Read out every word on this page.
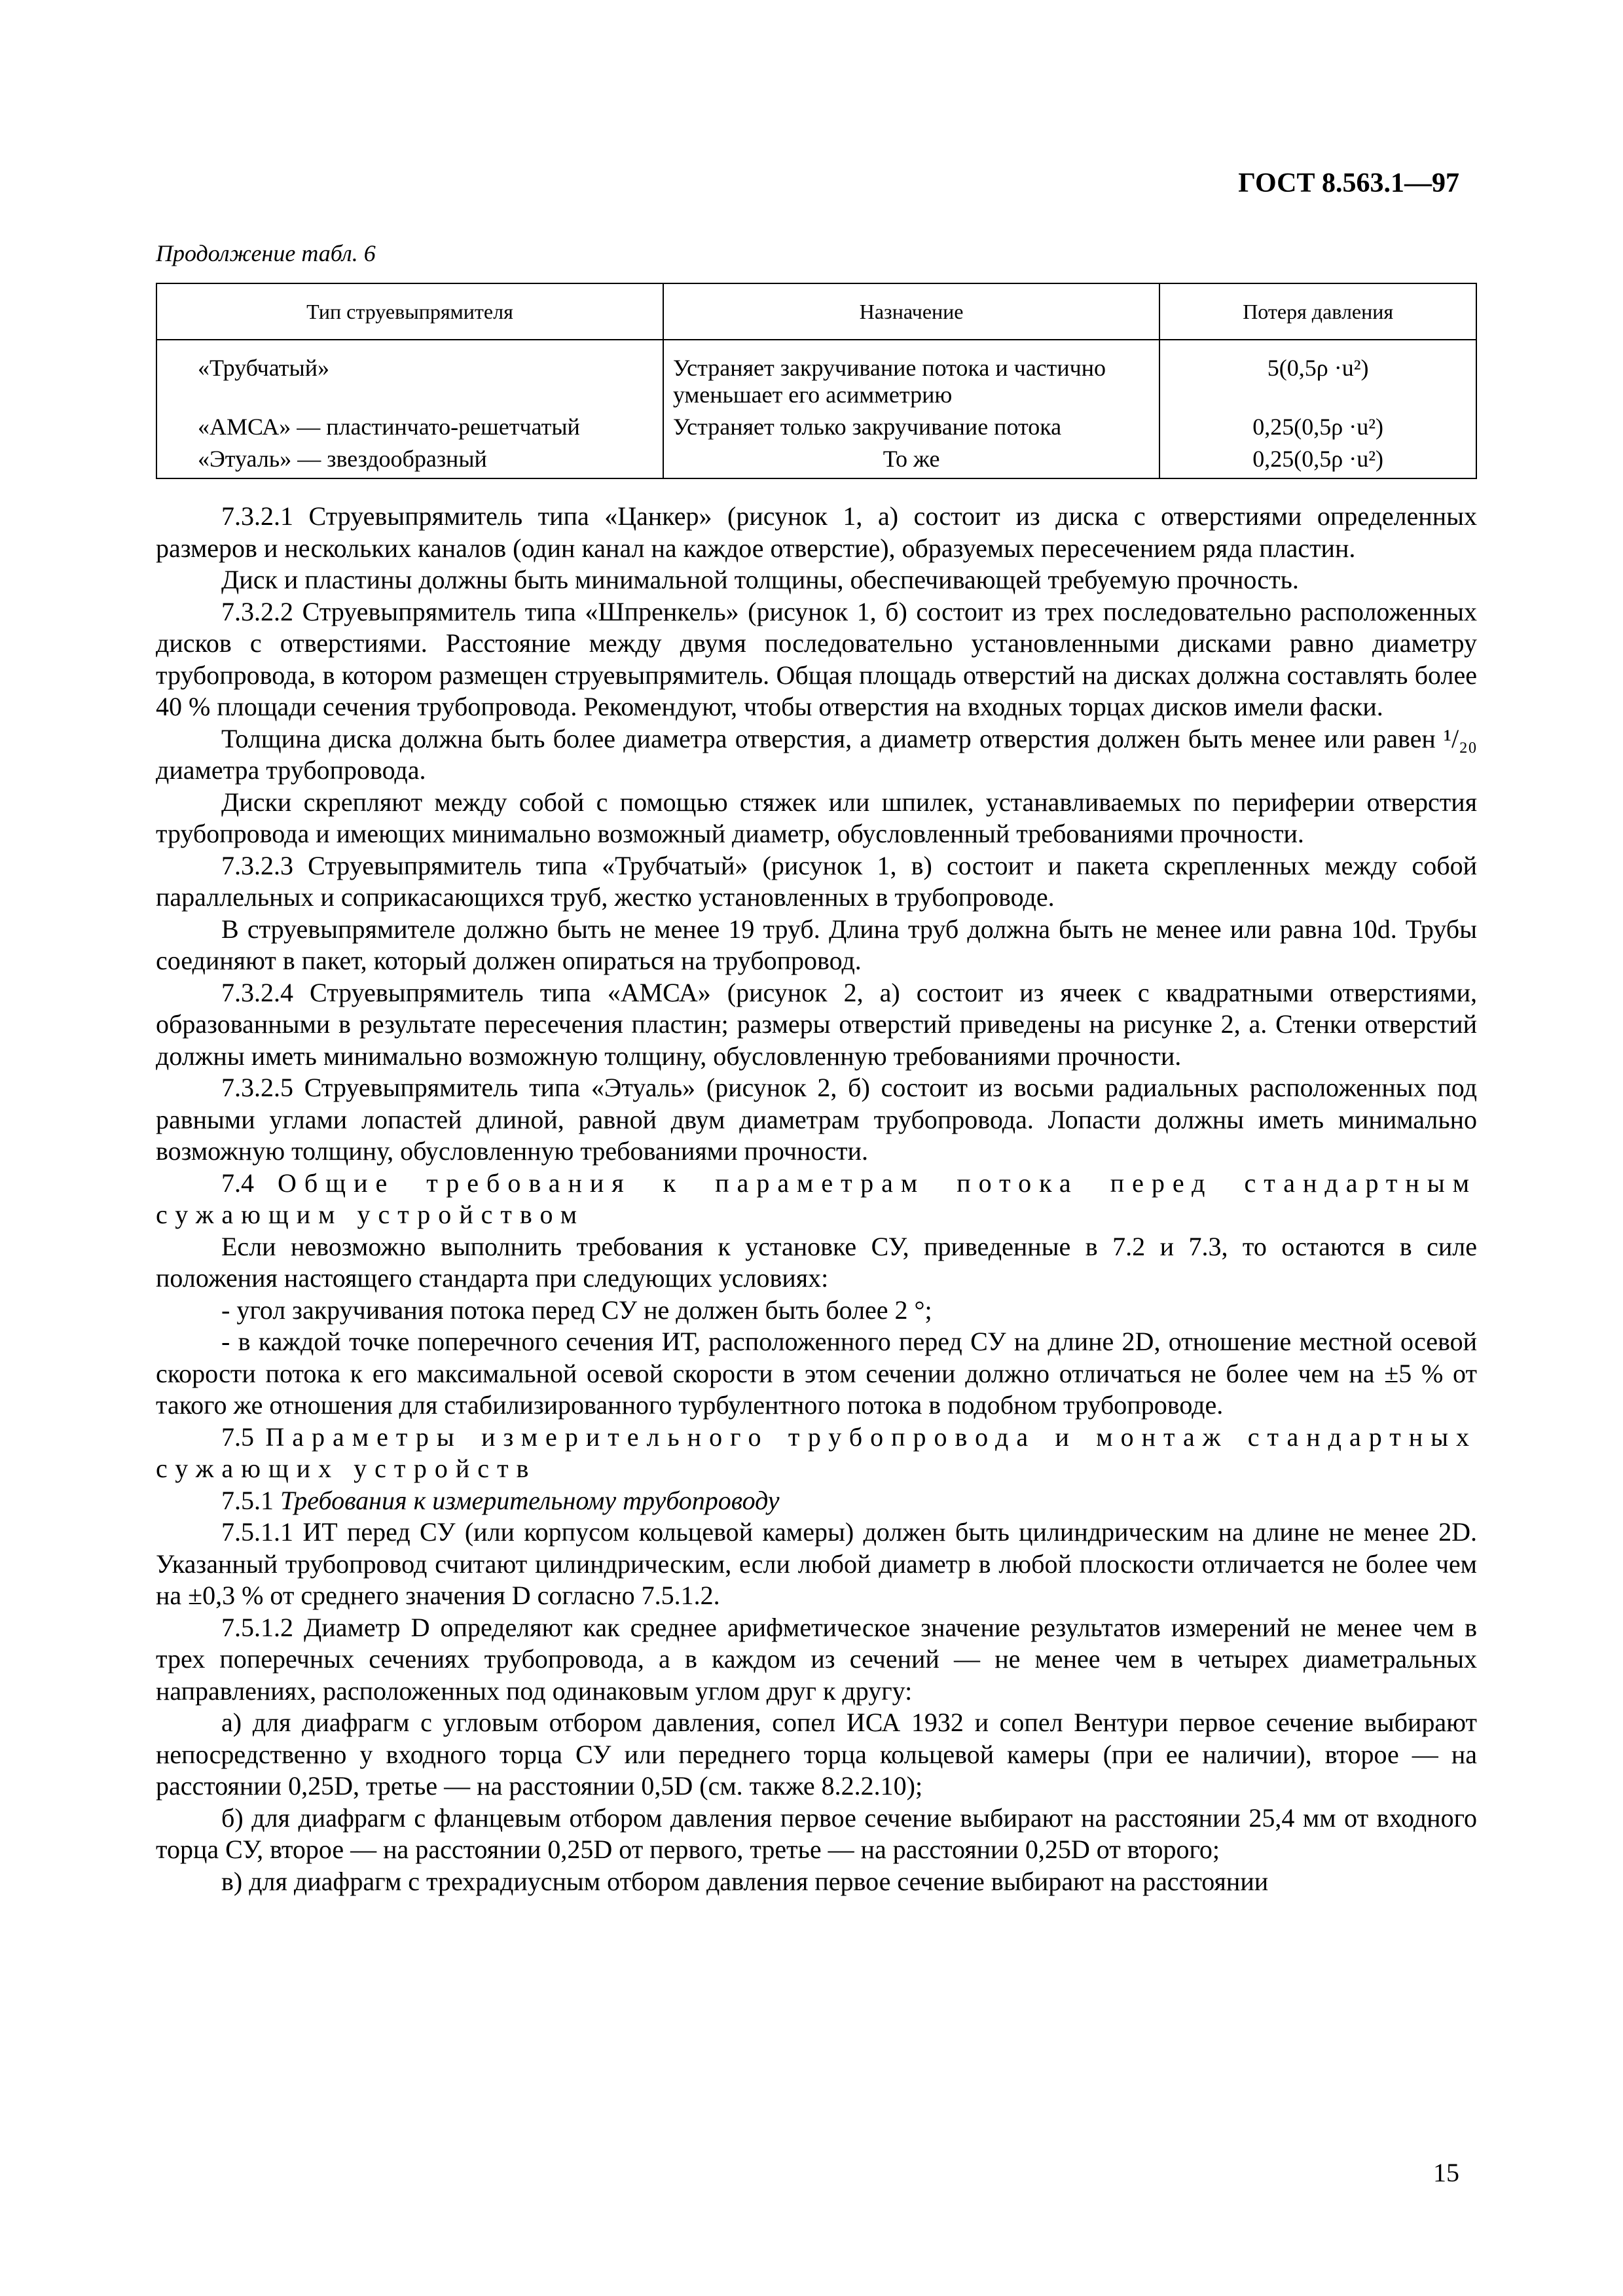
ГОСТ 8.563.1—97
Продолжение табл. 6
Тип струевыпрямителя	Назначение	Потеря давления
«Трубчатый»	Устраняет закручивание потока и частично уменьшает его асимметрию	5(0,5ρ ·u²)
«АМСА» — пластинчато-решетчатый	Устраняет только закручивание потока	0,25(0,5ρ ·u²)
«Этуаль» — звездообразный	То же	0,25(0,5ρ ·u²)

7.3.2.1 Струевыпрямитель типа «Цанкер» (рисунок 1, а) состоит из диска с отверстиями определенных размеров и нескольких каналов (один канал на каждое отверстие), образуемых пересечением ряда пластин.

Диск и пластины должны быть минимальной толщины, обеспечивающей требуемую прочность.

7.3.2.2 Струевыпрямитель типа «Шпренкель» (рисунок 1, б) состоит из трех последовательно расположенных дисков с отверстиями. Расстояние между двумя последовательно установленными дисками равно диаметру трубопровода, в котором размещен струевыпрямитель. Общая площадь отверстий на дисках должна составлять более 40 % площади сечения трубопровода. Рекомендуют, чтобы отверстия на входных торцах дисков имели фаски.

Толщина диска должна быть более диаметра отверстия, а диаметр отверстия должен быть менее или равен ¹/₂₀ диаметра трубопровода.

Диски скрепляют между собой с помощью стяжек или шпилек, устанавливаемых по периферии отверстия трубопровода и имеющих минимально возможный диаметр, обусловленный требованиями прочности.

7.3.2.3 Струевыпрямитель типа «Трубчатый» (рисунок 1, в) состоит и пакета скрепленных между собой параллельных и соприкасающихся труб, жестко установленных в трубопроводе.

В струевыпрямителе должно быть не менее 19 труб. Длина труб должна быть не менее или равна 10d. Трубы соединяют в пакет, который должен опираться на трубопровод.

7.3.2.4 Струевыпрямитель типа «АМСА» (рисунок 2, а) состоит из ячеек с квадратными отверстиями, образованными в результате пересечения пластин; размеры отверстий приведены на рисунке 2, а. Стенки отверстий должны иметь минимально возможную толщину, обусловленную требованиями прочности.

7.3.2.5 Струевыпрямитель типа «Этуаль» (рисунок 2, б) состоит из восьми радиальных расположенных под равными углами лопастей длиной, равной двум диаметрам трубопровода. Лопасти должны иметь минимально возможную толщину, обусловленную требованиями прочности.

7.4 Общие требования к параметрам потока перед стандартным сужающим устройством

Если невозможно выполнить требования к установке СУ, приведенные в 7.2 и 7.3, то остаются в силе положения настоящего стандарта при следующих условиях:

- угол закручивания потока перед СУ не должен быть более 2 °;

- в каждой точке поперечного сечения ИТ, расположенного перед СУ на длине 2D, отношение местной осевой скорости потока к его максимальной осевой скорости в этом сечении должно отличаться не более чем на ±5 % от такого же отношения для стабилизированного турбулентного потока в подобном трубопроводе.

7.5 Параметры измерительного трубопровода и монтаж стандартных сужающих устройств

7.5.1 Требования к измерительному трубопроводу

7.5.1.1 ИТ перед СУ (или корпусом кольцевой камеры) должен быть цилиндрическим на длине не менее 2D. Указанный трубопровод считают цилиндрическим, если любой диаметр в любой плоскости отличается не более чем на ±0,3 % от среднего значения D согласно 7.5.1.2.

7.5.1.2 Диаметр D определяют как среднее арифметическое значение результатов измерений не менее чем в трех поперечных сечениях трубопровода, а в каждом из сечений — не менее чем в четырех диаметральных направлениях, расположенных под одинаковым углом друг к другу:

а) для диафрагм с угловым отбором давления, сопел ИСА 1932 и сопел Вентури первое сечение выбирают непосредственно у входного торца СУ или переднего торца кольцевой камеры (при ее наличии), второе — на расстоянии 0,25D, третье — на расстоянии 0,5D (см. также 8.2.2.10);

б) для диафрагм с фланцевым отбором давления первое сечение выбирают на расстоянии 25,4 мм от входного торца СУ, второе — на расстоянии 0,25D от первого, третье — на расстоянии 0,25D от второго;

в) для диафрагм с трехрадиусным отбором давления первое сечение выбирают на расстоянии

15
